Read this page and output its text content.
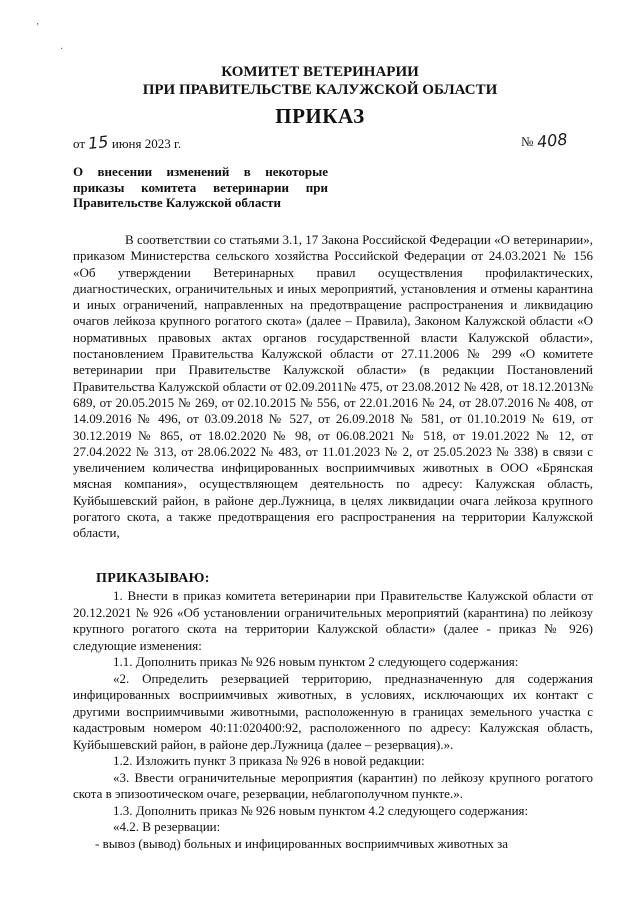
ʼ
·
КОМИТЕТ ВЕТЕРИНАРИИ
ПРИ ПРАВИТЕЛЬСТВЕ КАЛУЖСКОЙ ОБЛАСТИ
ПРИКАЗ
от 15 июня 2023 г.	№ 408
О внесении изменений в некоторые
приказы комитета ветеринарии при
Правительстве Калужской области

В соответствии со статьями 3.1, 17 Закона Российской Федерации «О ветеринарии», приказом Министерства сельского хозяйства Российской Федерации от 24.03.2021 № 156 «Об утверждении Ветеринарных правил осуществления профилактических, диагностических, ограничительных и иных мероприятий, установления и отмены карантина и иных ограничений, направленных на предотвращение распространения и ликвидацию очагов лейкоза крупного рогатого скота» (далее – Правила), Законом Калужской области «О нормативных правовых актах органов государственной власти Калужской области», постановлением Правительства Калужской области от 27.11.2006 № 299 «О комитете ветеринарии при Правительстве Калужской области» (в редакции Постановлений Правительства Калужской области от 02.09.2011№ 475, от 23.08.2012 № 428, от 18.12.2013№ 689, от 20.05.2015 № 269, от 02.10.2015 № 556, от 22.01.2016 № 24, от 28.07.2016 № 408, от 14.09.2016 № 496, от 03.09.2018 № 527, от 26.09.2018 № 581, от 01.10.2019 № 619, от 30.12.2019 № 865, от 18.02.2020 № 98, от 06.08.2021 № 518, от 19.01.2022 № 12, от 27.04.2022 № 313, от 28.06.2022 № 483, от 11.01.2023 № 2, от 25.05.2023 № 338) в связи с увеличением количества инфицированных восприимчивых животных в ООО «Брянская мясная компания», осуществляющем деятельность по адресу: Калужская область, Куйбышевский район, в районе дер.Лужница, в целях ликвидации очага лейкоза крупного рогатого скота, а также предотвращения его распространения на территории Калужской области,

ПРИКАЗЫВАЮ:

1. Внести в приказ комитета ветеринарии при Правительстве Калужской области от 20.12.2021 № 926 «Об установлении ограничительных мероприятий (карантина) по лейкозу крупного рогатого скота на территории Калужской области» (далее - приказ № 926) следующие изменения:

1.1. Дополнить приказ № 926 новым пунктом 2 следующего содержания:

«2. Определить резервацией территорию, предназначенную для содержания инфицированных восприимчивых животных, в условиях, исключающих их контакт с другими восприимчивыми животными, расположенную в границах земельного участка с кадастровым номером 40:11:020400:92, расположенного по адресу: Калужская область, Куйбышевский район, в районе дер.Лужница (далее – резервация).».

1.2. Изложить пункт 3 приказа № 926 в новой редакции:

«3. Ввести ограничительные мероприятия (карантин) по лейкозу крупного рогатого скота в эпизоотическом очаге, резервации, неблагополучном пункте.».

1.3. Дополнить приказ № 926 новым пунктом 4.2 следующего содержания:

«4.2. В резервации:

- вывоз (вывод) больных и инфицированных восприимчивых животных за
